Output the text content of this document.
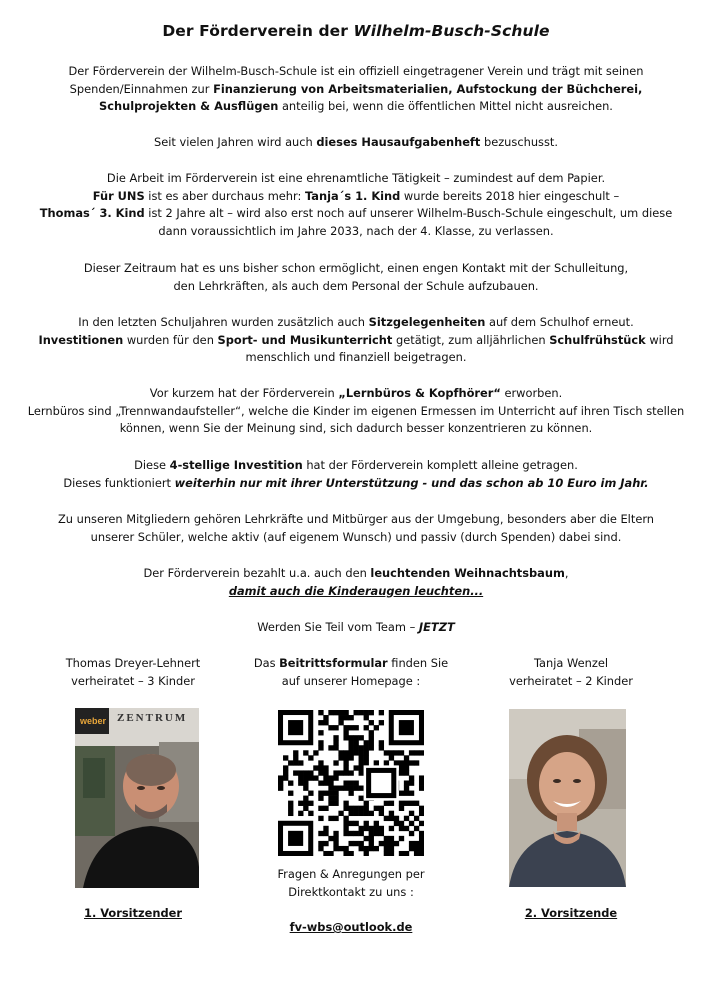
Der Förderverein der Wilhelm-Busch-Schule

Der Förderverein der Wilhelm-Busch-Schule ist ein offiziell eingetragener Verein und trägt mit seinen Spenden/Einnahmen zur Finanzierung von Arbeitsmaterialien, Aufstockung der Büchcherei, Schulprojekten & Ausflügen anteilig bei, wenn die öffentlichen Mittel nicht ausreichen.

Seit vielen Jahren wird auch dieses Hausaufgabenheft bezuschusst.

Die Arbeit im Förderverein ist eine ehrenamtliche Tätigkeit – zumindest auf dem Papier.

Für UNS ist es aber durchaus mehr: Tanja´s 1. Kind wurde bereits 2018 hier eingeschult –
Thomas´ 3. Kind ist 2 Jahre alt – wird also erst noch auf unserer Wilhelm-Busch-Schule eingeschult, um diese dann voraussichtlich im Jahre 2033, nach der 4. Klasse, zu verlassen.

Dieser Zeitraum hat es uns bisher schon ermöglicht, einen engen Kontakt mit der Schulleitung,

den Lehrkräften, als auch dem Personal der Schule aufzubauen.

In den letzten Schuljahren wurden zusätzlich auch Sitzgelegenheiten auf dem Schulhof erneut.
Investitionen wurden für den Sport- und Musikunterricht getätigt, zum alljährlichen Schulfrühstück wird menschlich und finanziell beigetragen.

Vor kurzem hat der Förderverein „Lernbüros & Kopfhörer“ erworben.

Lernbüros sind „Trennwandaufsteller“, welche die Kinder im eigenen Ermessen im Unterricht auf ihren Tisch stellen können, wenn Sie der Meinung sind, sich dadurch besser konzentrieren zu können.

Diese 4-stellige Investition hat der Förderverein komplett alleine getragen.

Dieses funktioniert weiterhin nur mit ihrer Unterstützung - und das schon ab 10 Euro im Jahr.

Zu unseren Mitgliedern gehören Lehrkräfte und Mitbürger aus der Umgebung, besonders aber die Eltern

unserer Schüler, welche aktiv (auf eigenem Wunsch) und passiv (durch Spenden) dabei sind.

Der Förderverein bezahlt u.a. auch den leuchtenden Weihnachtsbaum,

damit auch die Kinderaugen leuchten...

Werden Sie Teil vom Team – JETZT

Thomas Dreyer-Lehnert
verheiratet – 3 Kinder
weber ZENTRUM
1. Vorsitzender
Das Beitrittsformular finden Sie
auf unserer Homepage :
Fragen & Anregungen per
Direktkontakt zu uns :
fv-wbs@outlook.de
Tanja Wenzel
verheiratet – 2 Kinder
2. Vorsitzende
